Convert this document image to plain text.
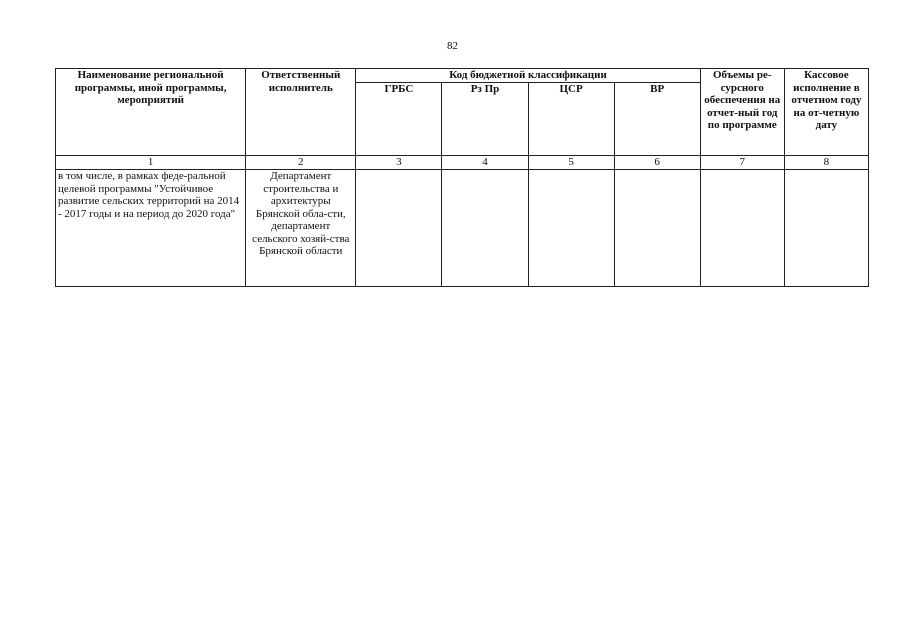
82
Наименование региональной программы, иной программы, мероприятий	Ответственный исполнитель	Код бюджетной классификации				Объемы ре-сурсного обеспечения на отчет-ный год по программе	Кассовое исполнение в отчетном году на от-четную дату
		ГРБС	Рз Пр	ЦСР	ВР		
1	2	3	4	5	6	7	8
в том числе, в рамках феде-ральной целевой программы "Устойчивое развитие сельских территорий на 2014 - 2017 годы и на период до 2020 года"	Департамент строительства и архитектуры Брянской обла-сти, департамент сельского хозяй-ства Брянской области						
